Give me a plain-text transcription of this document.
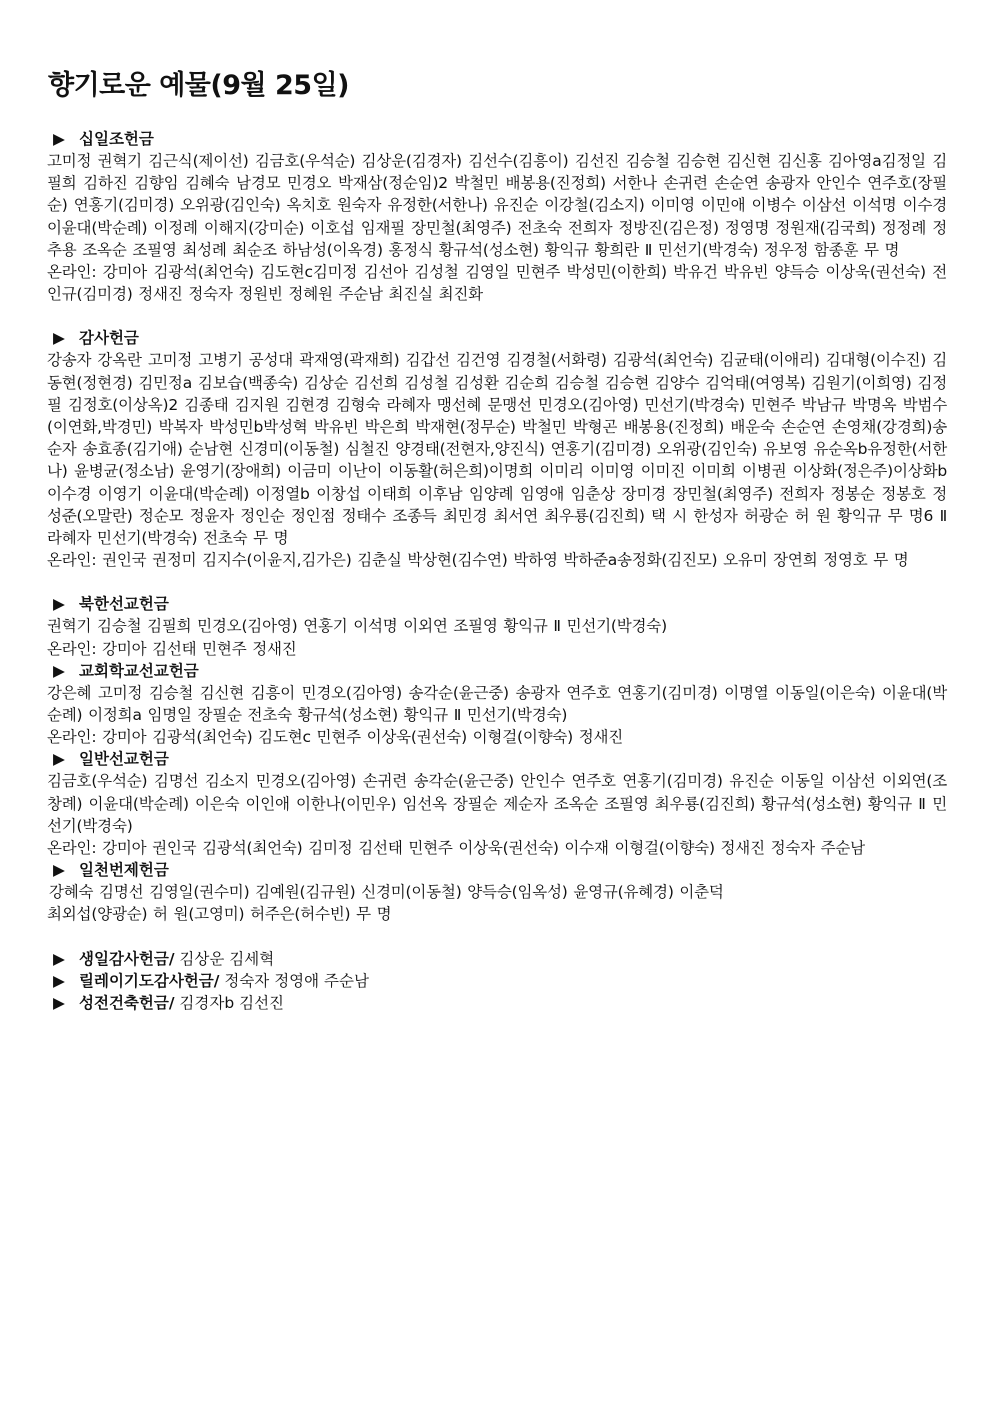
향기로운 예물(9월 25일)
▶ 십일조헌금
고미정 권혁기 김근식(제이선) 김금호(우석순) 김상운(김경자) 김선수(김흥이) 김선진 김승철 김승현 김신현 김신홍 김아영a김정일 김필희 김하진 김향임 김혜숙 남경모 민경오 박재삼(정순임)2 박철민 배봉용(진정희) 서한나 손귀련 손순연 송광자 안인수 연주호(장필순) 연홍기(김미경) 오위광(김인숙) 옥치호 원숙자 유정한(서한나) 유진순 이강철(김소지) 이미영 이민애 이병수 이삼선 이석명 이수경 이윤대(박순례) 이정례 이해지(강미순) 이호섭 임재필 장민철(최영주) 전초숙 전희자 정방진(김은정) 정영명 정원재(김국희) 정정례 정추용 조옥순 조필영 최성례 최순조 하남성(이옥경) 홍정식 황규석(성소현) 황익규 황희란 Ⅱ 민선기(박경숙) 정우정 함종훈 무 명
온라인: 강미아 김광석(최언숙) 김도현c김미정 김선아 김성철 김영일 민현주 박성민(이한희) 박유건 박유빈 양득승 이상욱(권선숙) 전인규(김미경) 정새진 정숙자 정원빈 정혜원 주순남 최진실 최진화
▶ 감사헌금
강송자 강옥란 고미정 고병기 공성대 곽재영(곽재희) 김갑선 김건영 김경철(서화령) 김광석(최언숙) 김균태(이애리) 김대형(이수진) 김동현(정현경) 김민정a 김보습(백종숙) 김상순 김선희 김성철 김성환 김순희 김승철 김승현 김양수 김억태(여영복) 김원기(이희영) 김정필 김정호(이상옥)2 김종태 김지원 김현경 김형숙 라혜자 맹선혜 문맹선 민경오(김아영) 민선기(박경숙) 민현주 박남규 박명옥 박범수(이연화,박경민) 박복자 박성민b박성혁 박유빈 박은희 박재현(정무순) 박철민 박형곤 배봉용(진정희) 배운숙 손순연 손영채(강경희)송순자 송효종(김기애) 순남현 신경미(이동철) 심철진 양경태(전현자,양진식) 연홍기(김미경) 오위광(김인숙) 유보영 유순옥b유정한(서한나) 윤병균(정소남) 윤영기(장애희) 이금미 이난이 이동활(허은희)이명희 이미리 이미영 이미진 이미희 이병권 이상화(정은주)이상화b 이수경 이영기 이윤대(박순례) 이정열b 이창섭 이태희 이후남 임양례 임영애 임춘상 장미경 장민철(최영주) 전희자 정봉순 정봉호 정성준(오말란) 정순모 정윤자 정인순 정인점 정태수 조종득 최민경 최서연 최우룡(김진희) 택 시 한성자 허광순 허 원 황익규 무 명6 Ⅱ 라혜자 민선기(박경숙) 전초숙 무 명
온라인: 권인국 권정미 김지수(이윤지,김가은) 김춘실 박상현(김수연) 박하영 박하준a송정화(김진모) 오유미 장연희 정영호 무 명
▶ 북한선교헌금
권혁기 김승철 김필희 민경오(김아영) 연홍기 이석명 이외연 조필영 황익규 Ⅱ 민선기(박경숙)
온라인: 강미아 김선태 민현주 정새진
▶ 교회학교선교헌금
강은혜 고미정 김승철 김신현 김흥이 민경오(김아영) 송각순(윤근중) 송광자 연주호 연홍기(김미경) 이명열 이동일(이은숙) 이윤대(박순례) 이정희a 임명일 장필순 전초숙 황규석(성소현) 황익규 Ⅱ 민선기(박경숙)
온라인: 강미아 김광석(최언숙) 김도현c 민현주 이상욱(권선숙) 이형걸(이향숙) 정새진
▶ 일반선교헌금
김금호(우석순) 김명선 김소지 민경오(김아영) 손귀련 송각순(윤근중) 안인수 연주호 연홍기(김미경) 유진순 이동일 이삼선 이외연(조창례) 이윤대(박순례) 이은숙 이인애 이한나(이민우) 임선옥 장필순 제순자 조옥순 조필영 최우룡(김진희) 황규석(성소현) 황익규 Ⅱ 민선기(박경숙)
온라인: 강미아 권인국 김광석(최언숙) 김미정 김선태 민현주 이상욱(권선숙) 이수재 이형걸(이향숙) 정새진 정숙자 주순남
▶ 일천번제헌금
강혜숙 김명선 김영일(권수미) 김예원(김규원) 신경미(이동철) 양득승(임옥성) 윤영규(유혜경) 이춘덕
최외섭(양광순) 허 원(고영미) 허주은(허수빈) 무 명
▶ 생일감사헌금/ 김상운 김세혁
▶ 릴레이기도감사헌금/ 정숙자 정영애 주순남
▶ 성전건축헌금/ 김경자b 김선진
